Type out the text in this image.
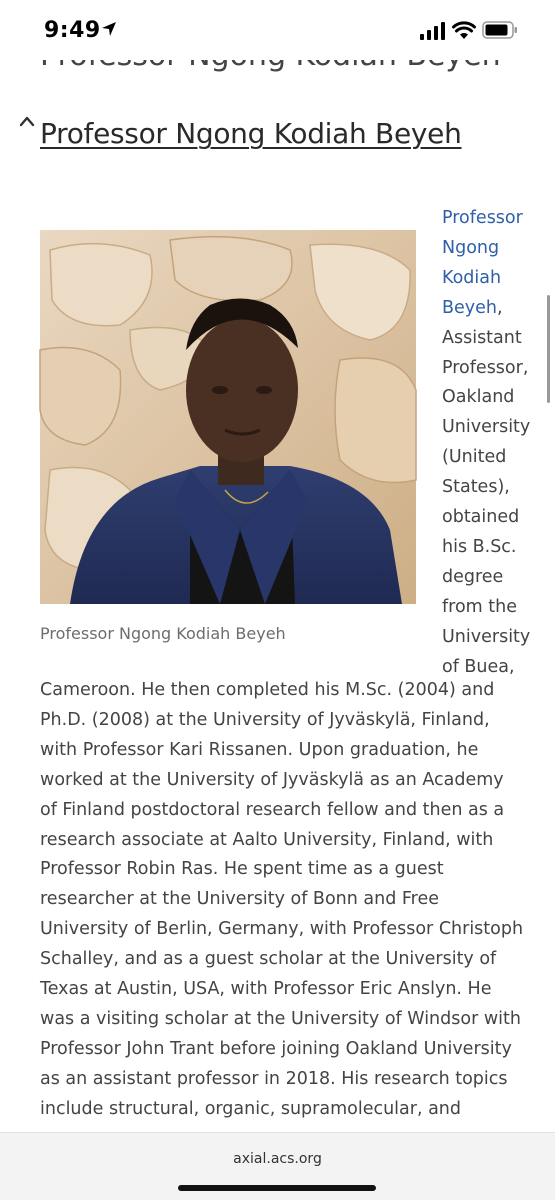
9:49
Professor Ngong Kodiah Beyeh
Professor Ngong Kodiah Beyeh
Professor
Ngong
Kodiah
Beyeh,
Assistant
Professor,
Oakland
University
(United
States),
obtained
his B.Sc.
degree
from the
University
of Buea,
Cameroon. He then completed his M.Sc. (2004) and
Ph.D. (2008) at the University of Jyväskylä, Finland,
with Professor Kari Rissanen. Upon graduation, he
worked at the University of Jyväskylä as an Academy
of Finland postdoctoral research fellow and then as a
research associate at Aalto University, Finland, with
Professor Robin Ras. He spent time as a guest
researcher at the University of Bonn and Free
University of Berlin, Germany, with Professor Christoph
Schalley, and as a guest scholar at the University of
Texas at Austin, USA, with Professor Eric Anslyn. He
was a visiting scholar at the University of Windsor with
Professor John Trant before joining Oakland University
as an assistant professor in 2018. His research topics
include structural, organic, supramolecular, and
axial.acs.org
